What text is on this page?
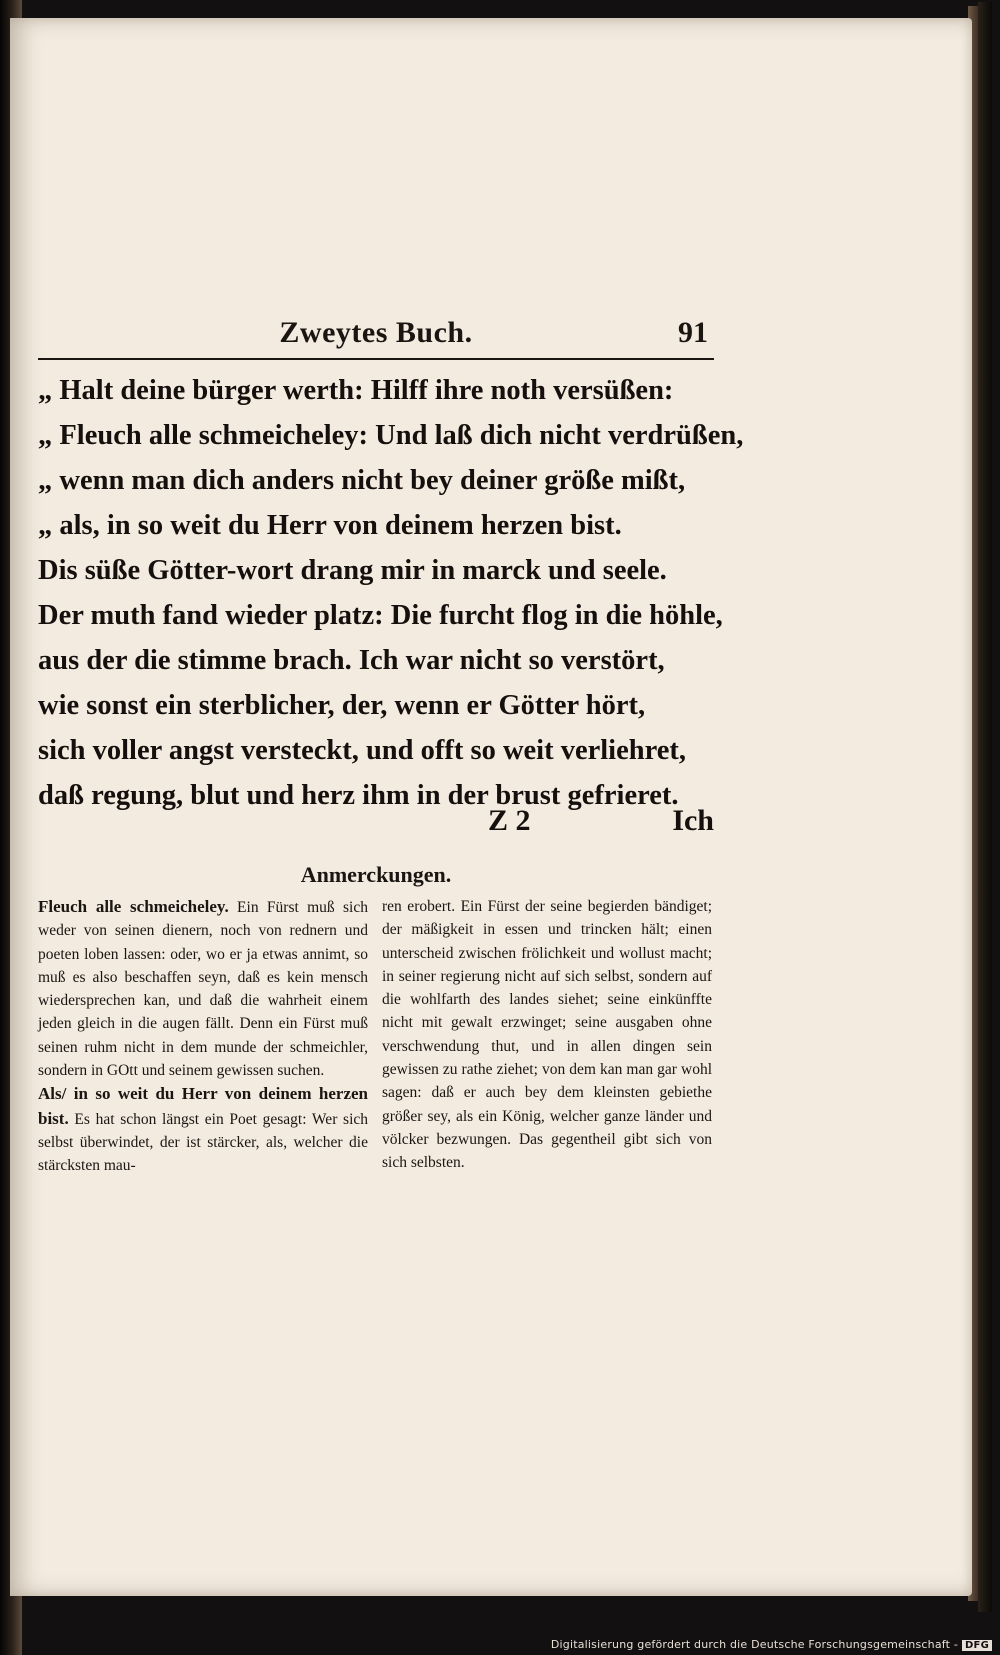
Zweytes Buch.	91
„ Halt deine bürger werth: Hilff ihre noth versüßen:
„ Fleuch alle schmeicheley: Und laß dich nicht verdrüßen,
„ wenn man dich anders nicht bey deiner größe mißt,
„ als, in so weit du Herr von deinem herzen bist.
Dis süße Götter-wort drang mir in marck und seele.
Der muth fand wieder platz: Die furcht flog in die höhle,
aus der die stimme brach. Ich war nicht so verstört,
wie sonst ein sterblicher, der, wenn er Götter hört,
sich voller angst versteckt, und offt so weit verliehret,
daß regung, blut und herz ihm in der brust gefrieret.
Z 2	Ich
Anmerckungen.

Fleuch alle schmeicheley. Ein Fürst muß sich weder von seinen dienern, noch von rednern und poeten loben lassen: oder, wo er ja etwas annimt, so muß es also beschaffen seyn, daß es kein mensch wiedersprechen kan, und daß die wahrheit einem jeden gleich in die augen fällt. Denn ein Fürst muß seinen ruhm nicht in dem munde der schmeichler, sondern in GOtt und seinem gewissen suchen.

Als/ in so weit du Herr von deinem herzen bist. Es hat schon längst ein Poet gesagt: Wer sich selbst überwindet, der ist stärcker, als, welcher die stärcksten mau-

ren erobert. Ein Fürst der seine begierden bändiget; der mäßigkeit in essen und trincken hält; einen unterscheid zwischen frölichkeit und wollust macht; in seiner regierung nicht auf sich selbst, sondern auf die wohlfarth des landes siehet; seine einkünffte nicht mit gewalt erzwinget; seine ausgaben ohne verschwendung thut, und in allen dingen sein gewissen zu rathe ziehet; von dem kan man gar wohl sagen: daß er auch bey dem kleinsten gebiethe größer sey, als ein König, welcher ganze länder und völcker bezwungen. Das gegentheil gibt sich von sich selbsten.

Digitalisierung gefördert durch die Deutsche Forschungsgemeinschaft - DFG
